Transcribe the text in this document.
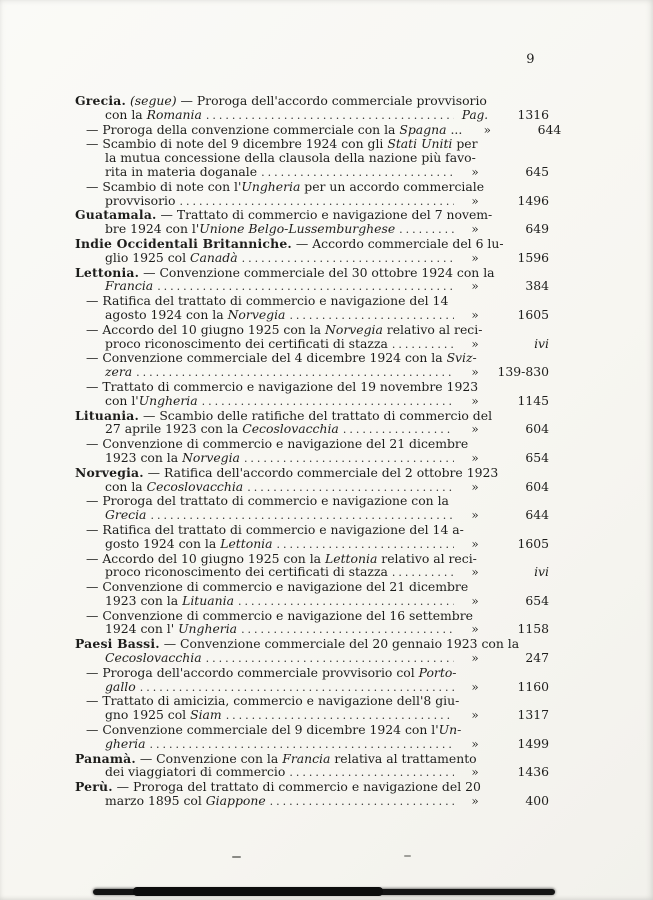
9
Grecia. (segue) — Proroga dell'accordo commerciale provvisorio
con la Romania .....	Pag.	1316
— Proroga della convenzione commerciale con la Spagna ...	»	644
— Scambio di note del 9 dicembre 1924 con gli Stati Uniti per
la mutua concessione della clausola della nazione più favo-
rita in materia doganale .....	»	645
— Scambio di note con l'Ungheria per un accordo commerciale
provvisorio .....	»	1496
Guatamala. — Trattato di commercio e navigazione del 7 novem-
bre 1924 con l'Unione Belgo-Lussemburghese .....	»	649
Indie Occidentali Britanniche. — Accordo commerciale del 6 lu-
glio 1925 col Canadà .....	»	1596
Lettonia. — Convenzione commerciale del 30 ottobre 1924 con la
Francia .....	»	384
— Ratifica del trattato di commercio e navigazione del 14
agosto 1924 con la Norvegia .....	»	1605
— Accordo del 10 giugno 1925 con la Norvegia relativo al reci-
proco riconoscimento dei certificati di stazza .....	»	ivi
— Convenzione commerciale del 4 dicembre 1924 con la Sviz-
zera .....	»	139-830
— Trattato di commercio e navigazione del 19 novembre 1923
con l'Ungheria .....	»	1145
Lituania. — Scambio delle ratifiche del trattato di commercio del
27 aprile 1923 con la Cecoslovacchia .....	»	604
— Convenzione di commercio e navigazione del 21 dicembre
1923 con la Norvegia .....	»	654
Norvegia. — Ratifica dell'accordo commerciale del 2 ottobre 1923
con la Cecoslovacchia .....	»	604
— Proroga del trattato di commercio e navigazione con la
Grecia .....	»	644
— Ratifica del trattato di commercio e navigazione del 14 a-
gosto 1924 con la Lettonia .....	»	1605
— Accordo del 10 giugno 1925 con la Lettonia relativo al reci-
proco riconoscimento dei certificati di stazza .....	»	ivi
— Convenzione di commercio e navigazione del 21 dicembre
1923 con la Lituania .....	»	654
— Convenzione di commercio e navigazione del 16 settembre
1924 con l' Ungheria .....	»	1158
Paesi Bassi. — Convenzione commerciale del 20 gennaio 1923 con la
Cecoslovacchia .....	»	247
— Proroga dell'accordo commerciale provvisorio col Porto-
gallo .....	»	1160
— Trattato di amicizia, commercio e navigazione dell'8 giu-
gno 1925 col Siam .....	»	1317
— Convenzione commerciale del 9 dicembre 1924 con l'Un-
gheria .....	»	1499
Panamà. — Convenzione con la Francia relativa al trattamento
dei viaggiatori di commercio .....	»	1436
Perù. — Proroga del trattato di commercio e navigazione del 20
marzo 1895 col Giappone .....	»	400
